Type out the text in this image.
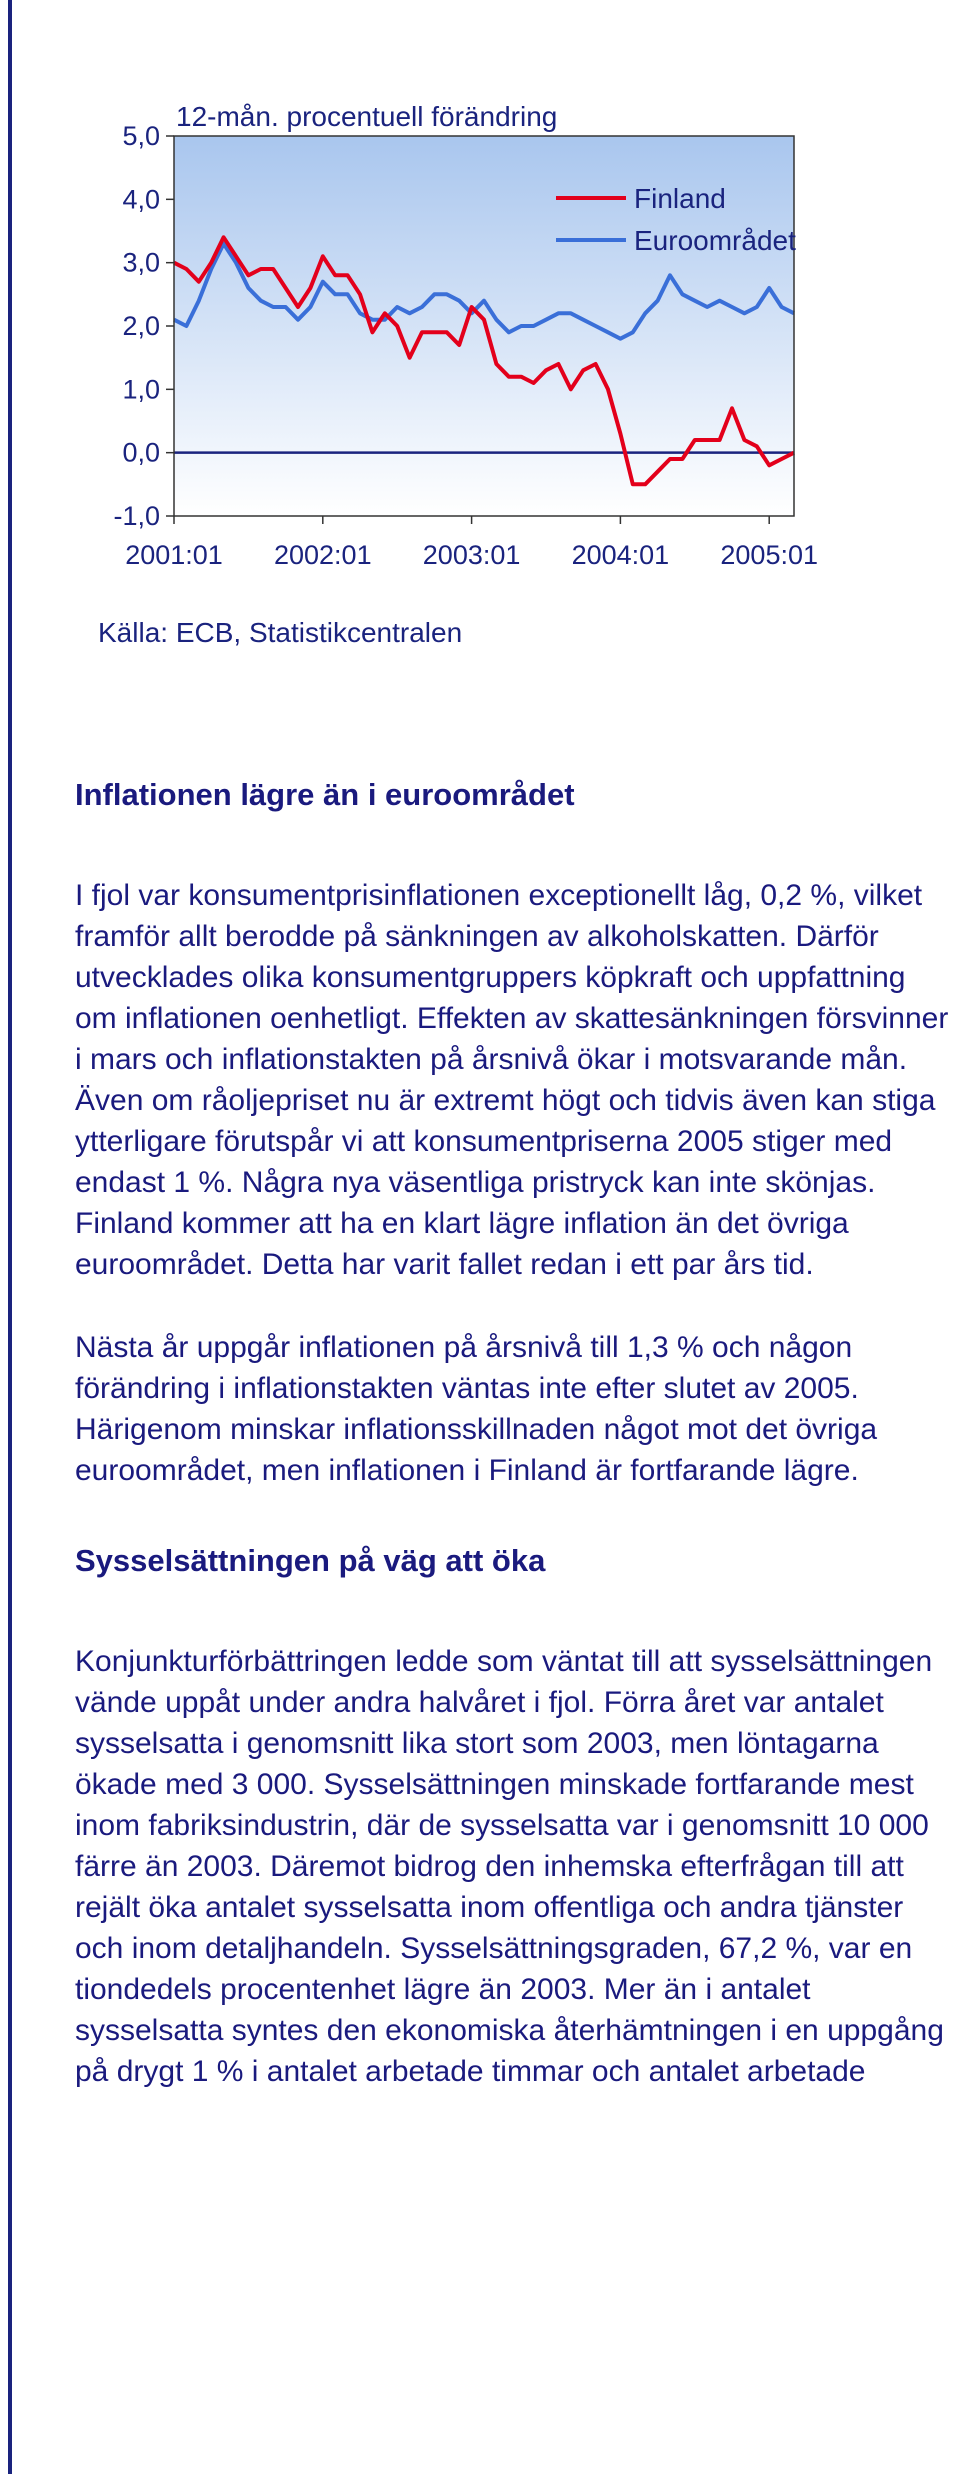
-1,0
0,0
1,0
2,0
3,0
4,0
5,0
2001:01 2002:01 2003:01 2004:01 2005:01
12-mån. procentuell förändring
Finland
Euroområdet
Källa: ECB, Statistikcentralen
Inflationen lägre än i euroområdet

I fjol var konsumentprisinflationen exceptionellt låg, 0,2 %, vilket framför allt berodde på sänkningen av alkoholskatten. Därför utvecklades olika konsumentgruppers köpkraft och uppfattning om inflationen oenhetligt. Effekten av skattesänkningen försvinner i mars och inflationstakten på årsnivå ökar i motsvarande mån. Även om råoljepriset nu är extremt högt och tidvis även kan stiga ytterligare förutspår vi att konsumentpriserna 2005 stiger med endast 1 %. Några nya väsentliga pristryck kan inte skönjas. Finland kommer att ha en klart lägre inflation än det övriga euroområdet. Detta har varit fallet redan i ett par års tid.

Nästa år uppgår inflationen på årsnivå till 1,3 % och någon förändring i inflationstakten väntas inte efter slutet av 2005. Härigenom minskar inflationsskillnaden något mot det övriga euroområdet, men inflationen i Finland är fortfarande lägre.

Sysselsättningen på väg att öka

Konjunkturförbättringen ledde som väntat till att sysselsättningen vände uppåt under andra halvåret i fjol. Förra året var antalet sysselsatta i genomsnitt lika stort som 2003, men löntagarna ökade med 3 000. Sysselsättningen minskade fortfarande mest inom fabriksindustrin, där de sysselsatta var i genomsnitt 10 000 färre än 2003. Däremot bidrog den inhemska efterfrågan till att rejält öka antalet sysselsatta inom offentliga och andra tjänster och inom detaljhandeln. Sysselsättningsgraden, 67,2 %, var en tiondedels procentenhet lägre än 2003. Mer än i antalet sysselsatta syntes den ekonomiska återhämtningen i en uppgång på drygt 1 % i antalet arbetade timmar och antalet arbetade
